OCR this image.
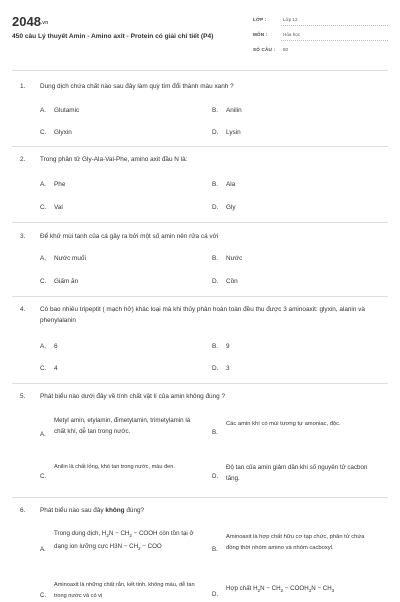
2048.vn
450 câu Lý thuyết Amin - Amino axit - Protein có giải chi tiết (P4)
LỚP :	Lớp 12
MÔN :	Hóa học
SỐ CÂU : 50
1. Dung dịch chứa chất nào sau đây làm quỳ tím đổi thành màu xanh ?
A. Glutamic	B. Anilin
C. Glyxin	D. Lysin
2. Trong phân tử Gly-Ala-Val-Phe, amino axit đầu N là:
A. Phe	B. Ala
C. Val	D. Gly
3. Để khử mùi tanh của cá gây ra bởi một số amin nên rửa cá với
A. Nước muối	B. Nước
C. Giấm ăn	D. Cồn
4. Có bao nhiêu tripeptit ( mạch hở) khác loại mà khi thủy phân hoàn toàn đều thu được 3 aminoaxit: glyxin, alanin và phenylalanin
A. 6	B. 9
C. 4	D. 3
5. Phát biểu nào dưới đây về tính chất vật lí của amin không đúng ?
A.
Metyl amin, etylamin, đimetylamin, trimetylamin là chất khí, dễ tan trong nước.	B.
Các amin khí có mùi tương tự amoniac, độc.
C.
Anilin là chất lỏng, khó tan trong nước, màu đen.
D.
Độ tan của amin giảm dần khi số nguyên tử cacbon tăng.
6. Phát biểu nào sau đây không đúng?
A.
Trong dung dịch, $H_2N - CH_2$ − COOH còn tồn tại ở dạng ion lưỡng cực $H3N - CH_2$ − COO	B.
Aminoaxit là hợp chất hữu cơ tạp chức, phân tử chứa đồng thời nhóm amino và nhóm cacboxyl.
C.
Aminoaxit là những chất rắn, kết tinh, không màu, dễ tan trong nước và có vị	D.
Hợp chất $H_2N - CH_2$ − $COOH_3N - CH_3$
